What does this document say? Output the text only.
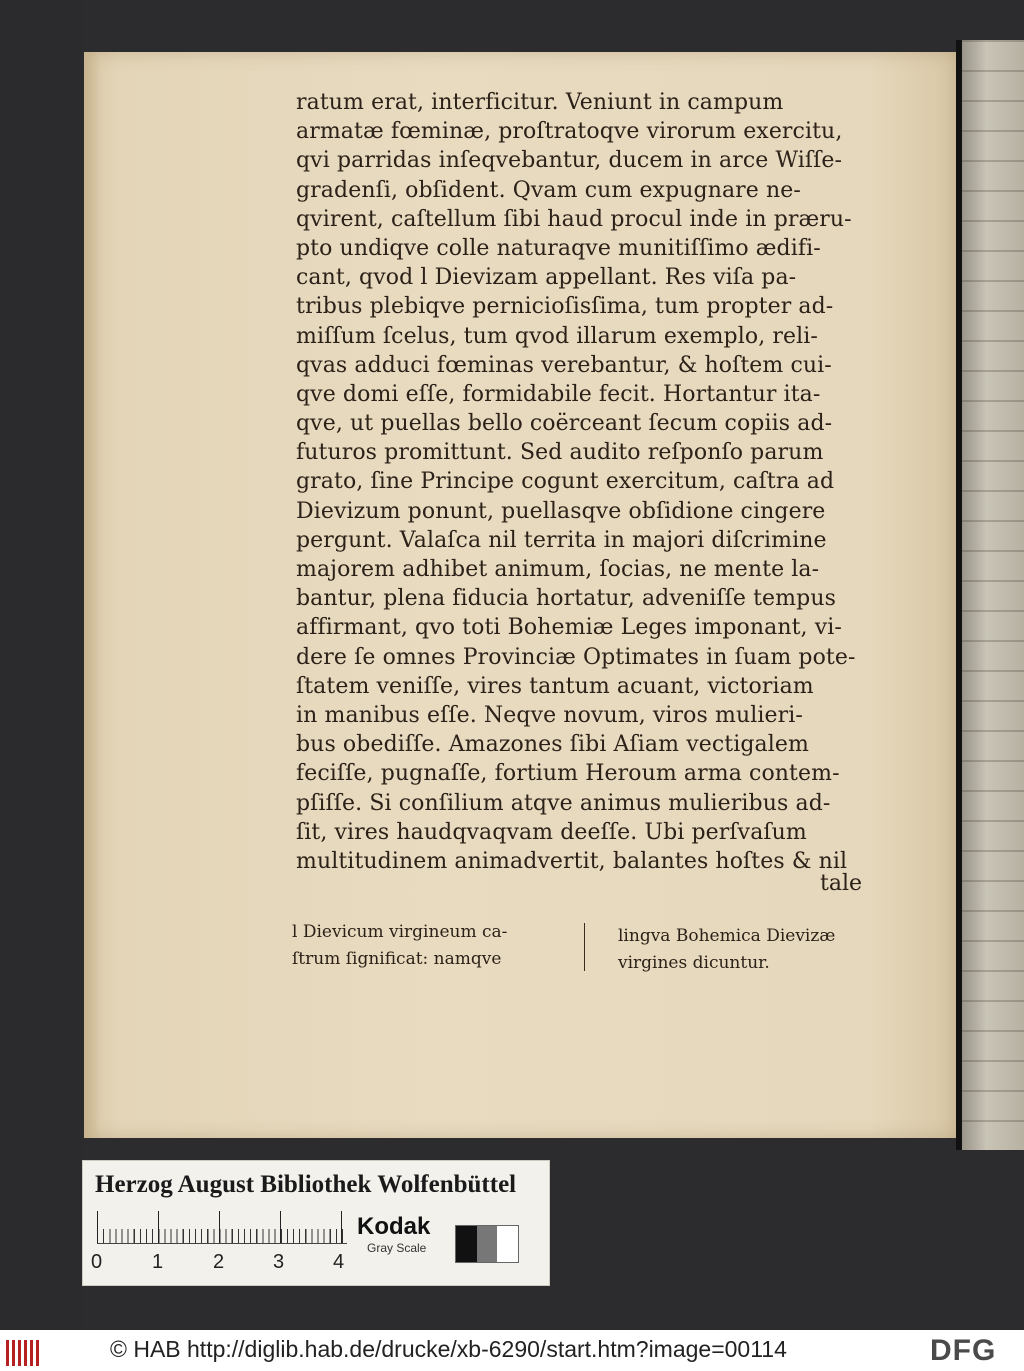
ratum erat, interficitur. Veniunt in campum
armatæ fœminæ, proſtratoqve virorum exercitu,
qvi parridas inſeqvebantur, ducem in arce Wiſſe-
gradenſi, obſident. Qvam cum expugnare ne-
qvirent, caſtellum ſibi haud procul inde in præru-
pto undiqve colle naturaqve munitiſſimo ædifi-
cant, qvod l Dievizam appellant. Res viſa pa-
tribus plebiqve pernicioſisſima, tum propter ad-
miſſum ſcelus, tum qvod illarum exemplo, reli-
qvas adduci fœminas verebantur, & hoſtem cui-
qve domi eſſe, formidabile fecit. Hortantur ita-
qve, ut puellas bello coërceant ſecum copiis ad-
futuros promittunt. Sed audito reſponſo parum
grato, ſine Principe cogunt exercitum, caſtra ad
Dievizum ponunt, puellasqve obſidione cingere
pergunt. Valaſca nil territa in majori diſcrimine
majorem adhibet animum, ſocias, ne mente la-
bantur, plena fiducia hortatur, adveniſſe tempus
affirmant, qvo toti Bohemiæ Leges imponant, vi-
dere ſe omnes Provinciæ Optimates in ſuam pote-
ſtatem veniſſe, vires tantum acuant, victoriam
in manibus eſſe. Neqve novum, viros mulieri-
bus obediſſe. Amazones ſibi Aſiam vectigalem
feciſſe, pugnaſſe, fortium Heroum arma contem-
pſiſſe. Si conſilium atqve animus mulieribus ad-
ſit, vires haudqvaqvam deeſſe. Ubi perſvaſum
multitudinem animadvertit, balantes hoſtes & nil
tale
l Dievicum virgineum ca-
ſtrum ſignificat: namqve
lingva Bohemica Dievizæ
virgines dicuntur.
Herzog August Bibliothek Wolfenbüttel
0 1 2 3 4
Kodak
Gray Scale
© HAB http://diglib.hab.de/drucke/xb-6290/start.htm?image=00114	DFG
